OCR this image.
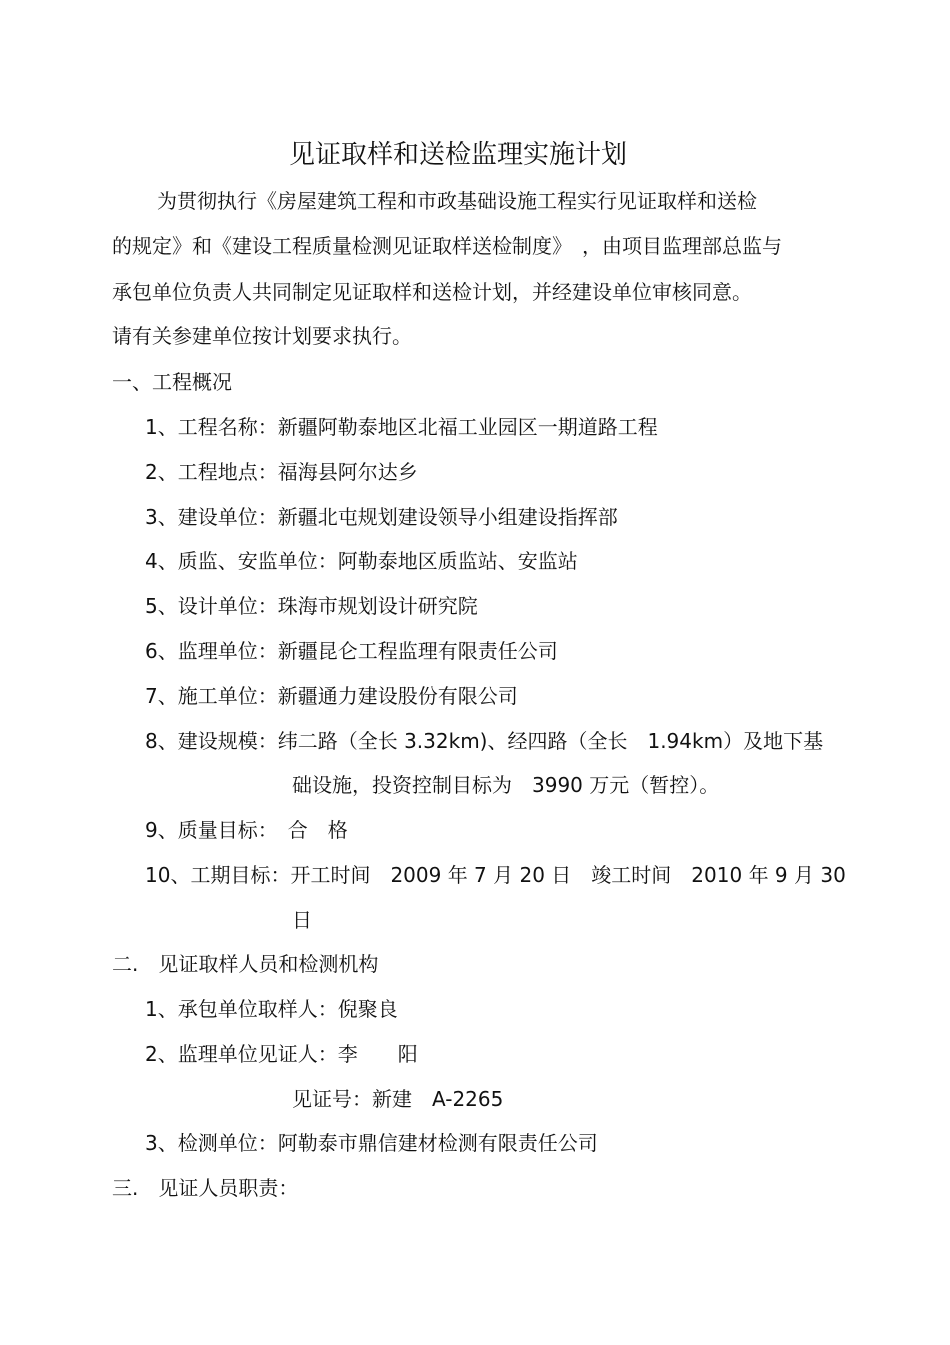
见证取样和送检监理实施计划
为贯彻执行《房屋建筑工程和市政基础设施工程实行见证取样和送检
的规定》和《建设工程质量检测见证取样送检制度》　，由项目监理部总监与
承包单位负责人共同制定见证取样和送检计划，并经建设单位审核同意。
请有关参建单位按计划要求执行。
一、工程概况
1、工程名称：新疆阿勒泰地区北福工业园区一期道路工程
2、工程地点：福海县阿尔达乡
3、建设单位：新疆北屯规划建设领导小组建设指挥部
4、质监、安监单位：阿勒泰地区质监站、安监站
5、设计单位：珠海市规划设计研究院
6、监理单位：新疆昆仑工程监理有限责任公司
7、施工单位：新疆通力建设股份有限公司
8、建设规模：纬二路（全长 3.32km)、经四路（全长　1.94km）及地下基
础设施，投资控制目标为　3990 万元（暂控）。
9、质量目标：　合　格
10、工期目标：开工时间　2009 年 7 月 20 日　竣工时间　2010 年 9 月 30
日
二.　见证取样人员和检测机构
1、承包单位取样人：倪聚良
2、监理单位见证人：李　　阳
见证号：新建　A-2265
3、检测单位：阿勒泰市鼎信建材检测有限责任公司
三.　见证人员职责：
